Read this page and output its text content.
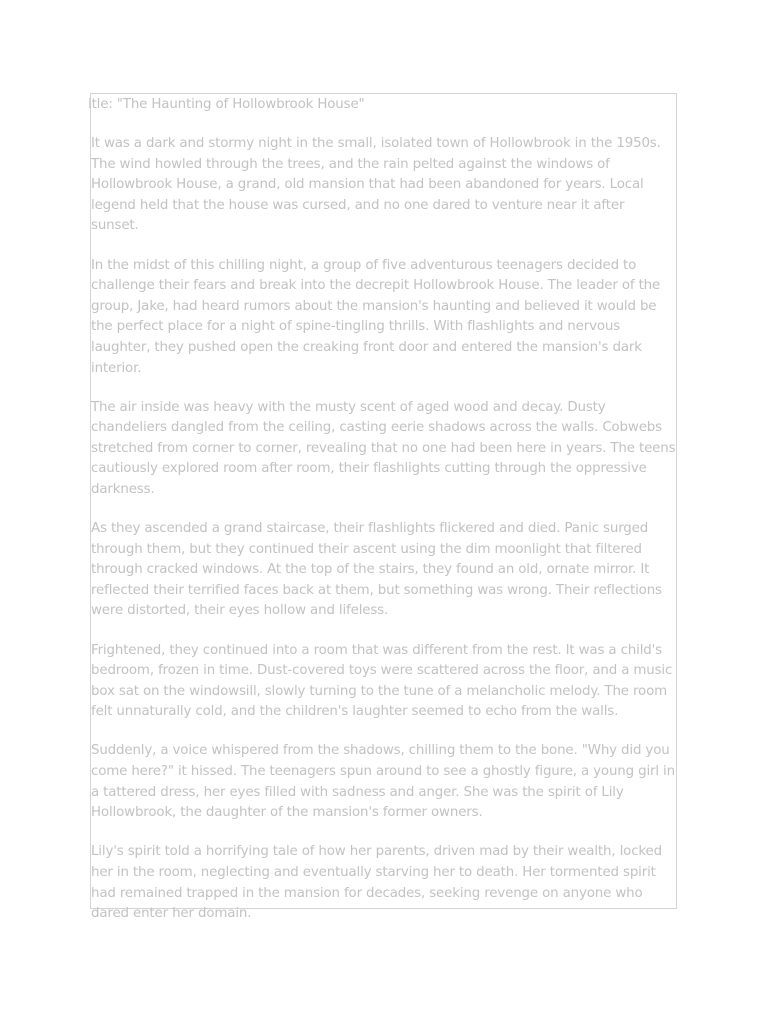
itle: "The Haunting of Hollowbrook House"

It was a dark and stormy night in the small, isolated town of Hollowbrook in the 1950s. The wind howled through the trees, and the rain pelted against the windows of Hollowbrook House, a grand, old mansion that had been abandoned for years. Local legend held that the house was cursed, and no one dared to venture near it after sunset.

In the midst of this chilling night, a group of five adventurous teenagers decided to challenge their fears and break into the decrepit Hollowbrook House. The leader of the group, Jake, had heard rumors about the mansion's haunting and believed it would be the perfect place for a night of spine-tingling thrills. With flashlights and nervous laughter, they pushed open the creaking front door and entered the mansion's dark interior.

The air inside was heavy with the musty scent of aged wood and decay. Dusty chandeliers dangled from the ceiling, casting eerie shadows across the walls. Cobwebs stretched from corner to corner, revealing that no one had been here in years. The teens cautiously explored room after room, their flashlights cutting through the oppressive darkness.

As they ascended a grand staircase, their flashlights flickered and died. Panic surged through them, but they continued their ascent using the dim moonlight that filtered through cracked windows. At the top of the stairs, they found an old, ornate mirror. It reflected their terrified faces back at them, but something was wrong. Their reflections were distorted, their eyes hollow and lifeless.

Frightened, they continued into a room that was different from the rest. It was a child's bedroom, frozen in time. Dust-covered toys were scattered across the floor, and a music box sat on the windowsill, slowly turning to the tune of a melancholic melody. The room felt unnaturally cold, and the children's laughter seemed to echo from the walls.

Suddenly, a voice whispered from the shadows, chilling them to the bone. "Why did you come here?" it hissed. The teenagers spun around to see a ghostly figure, a young girl in a tattered dress, her eyes filled with sadness and anger. She was the spirit of Lily Hollowbrook, the daughter of the mansion's former owners.

Lily's spirit told a horrifying tale of how her parents, driven mad by their wealth, locked her in the room, neglecting and eventually starving her to death. Her tormented spirit had remained trapped in the mansion for decades, seeking revenge on anyone who dared enter her domain.
